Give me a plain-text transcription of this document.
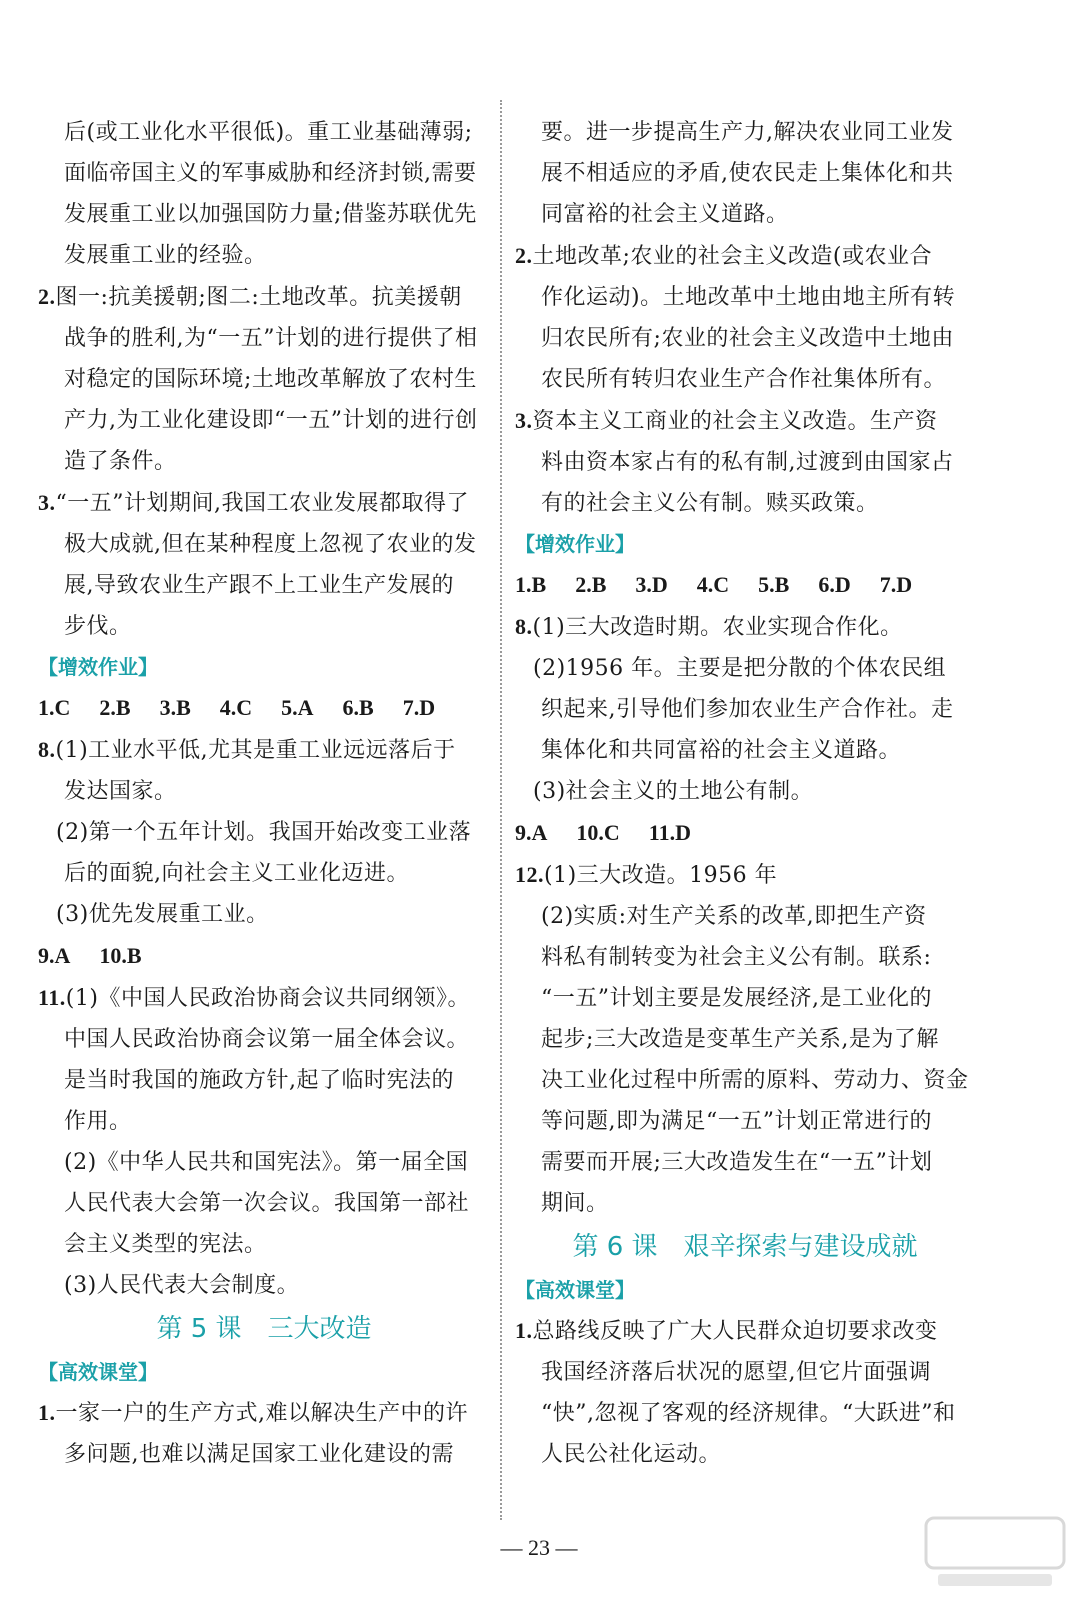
后(或工业化水平很低)。重工业基础薄弱;

面临帝国主义的军事威胁和经济封锁,需要

发展重工业以加强国防力量;借鉴苏联优先

发展重工业的经验。

2.图一:抗美援朝;图二:土地改革。抗美援朝

战争的胜利,为“一五”计划的进行提供了相

对稳定的国际环境;土地改革解放了农村生

产力,为工业化建设即“一五”计划的进行创

造了条件。

3.“一五”计划期间,我国工农业发展都取得了

极大成就,但在某种程度上忽视了农业的发

展,导致农业生产跟不上工业生产发展的

步伐。

【增效作业】

1.C 2.B 3.B 4.C 5.A 6.B 7.D

8.(1)工业水平低,尤其是重工业远远落后于

发达国家。

(2)第一个五年计划。我国开始改变工业落

后的面貌,向社会主义工业化迈进。

(3)优先发展重工业。

9.A 10.B

11.(1)《中国人民政治协商会议共同纲领》。

中国人民政治协商会议第一届全体会议。

是当时我国的施政方针,起了临时宪法的

作用。

(2)《中华人民共和国宪法》。第一届全国

人民代表大会第一次会议。我国第一部社

会主义类型的宪法。

(3)人民代表大会制度。

第 5 课　三大改造

【高效课堂】

1.一家一户的生产方式,难以解决生产中的许

多问题,也难以满足国家工业化建设的需

要。进一步提高生产力,解决农业同工业发

展不相适应的矛盾,使农民走上集体化和共

同富裕的社会主义道路。

2.土地改革;农业的社会主义改造(或农业合

作化运动)。土地改革中土地由地主所有转

归农民所有;农业的社会主义改造中土地由

农民所有转归农业生产合作社集体所有。

3.资本主义工商业的社会主义改造。生产资

料由资本家占有的私有制,过渡到由国家占

有的社会主义公有制。赎买政策。

【增效作业】

1.B 2.B 3.D 4.C 5.B 6.D 7.D

8.(1)三大改造时期。农业实现合作化。

(2)1956 年。主要是把分散的个体农民组

织起来,引导他们参加农业生产合作社。走

集体化和共同富裕的社会主义道路。

(3)社会主义的土地公有制。

9.A 10.C 11.D

12.(1)三大改造。1956 年

(2)实质:对生产关系的改革,即把生产资

料私有制转变为社会主义公有制。联系:

“一五”计划主要是发展经济,是工业化的

起步;三大改造是变革生产关系,是为了解

决工业化过程中所需的原料、劳动力、资金

等问题,即为满足“一五”计划正常进行的

需要而开展;三大改造发生在“一五”计划

期间。

第 6 课　艰辛探索与建设成就

【高效课堂】

1.总路线反映了广大人民群众迫切要求改变

我国经济落后状况的愿望,但它片面强调

“快”,忽视了客观的经济规律。“大跃进”和

人民公社化运动。

— 23 —
